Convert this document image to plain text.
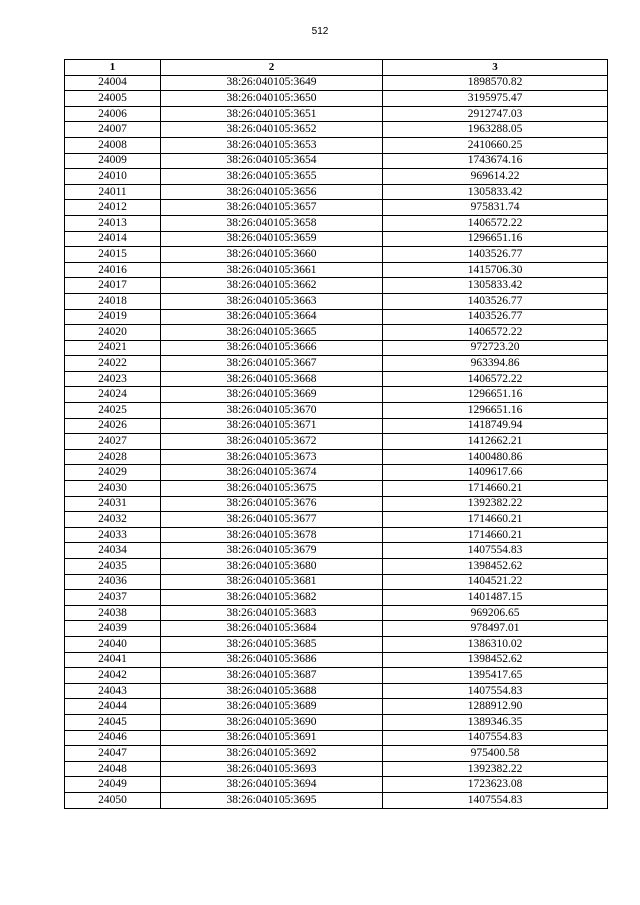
512
1	2	3
24004	38:26:040105:3649	1898570.82
24005	38:26:040105:3650	3195975.47
24006	38:26:040105:3651	2912747.03
24007	38:26:040105:3652	1963288.05
24008	38:26:040105:3653	2410660.25
24009	38:26:040105:3654	1743674.16
24010	38:26:040105:3655	969614.22
24011	38:26:040105:3656	1305833.42
24012	38:26:040105:3657	975831.74
24013	38:26:040105:3658	1406572.22
24014	38:26:040105:3659	1296651.16
24015	38:26:040105:3660	1403526.77
24016	38:26:040105:3661	1415706.30
24017	38:26:040105:3662	1305833.42
24018	38:26:040105:3663	1403526.77
24019	38:26:040105:3664	1403526.77
24020	38:26:040105:3665	1406572.22
24021	38:26:040105:3666	972723.20
24022	38:26:040105:3667	963394.86
24023	38:26:040105:3668	1406572.22
24024	38:26:040105:3669	1296651.16
24025	38:26:040105:3670	1296651.16
24026	38:26:040105:3671	1418749.94
24027	38:26:040105:3672	1412662.21
24028	38:26:040105:3673	1400480.86
24029	38:26:040105:3674	1409617.66
24030	38:26:040105:3675	1714660.21
24031	38:26:040105:3676	1392382.22
24032	38:26:040105:3677	1714660.21
24033	38:26:040105:3678	1714660.21
24034	38:26:040105:3679	1407554.83
24035	38:26:040105:3680	1398452.62
24036	38:26:040105:3681	1404521.22
24037	38:26:040105:3682	1401487.15
24038	38:26:040105:3683	969206.65
24039	38:26:040105:3684	978497.01
24040	38:26:040105:3685	1386310.02
24041	38:26:040105:3686	1398452.62
24042	38:26:040105:3687	1395417.65
24043	38:26:040105:3688	1407554.83
24044	38:26:040105:3689	1288912.90
24045	38:26:040105:3690	1389346.35
24046	38:26:040105:3691	1407554.83
24047	38:26:040105:3692	975400.58
24048	38:26:040105:3693	1392382.22
24049	38:26:040105:3694	1723623.08
24050	38:26:040105:3695	1407554.83
